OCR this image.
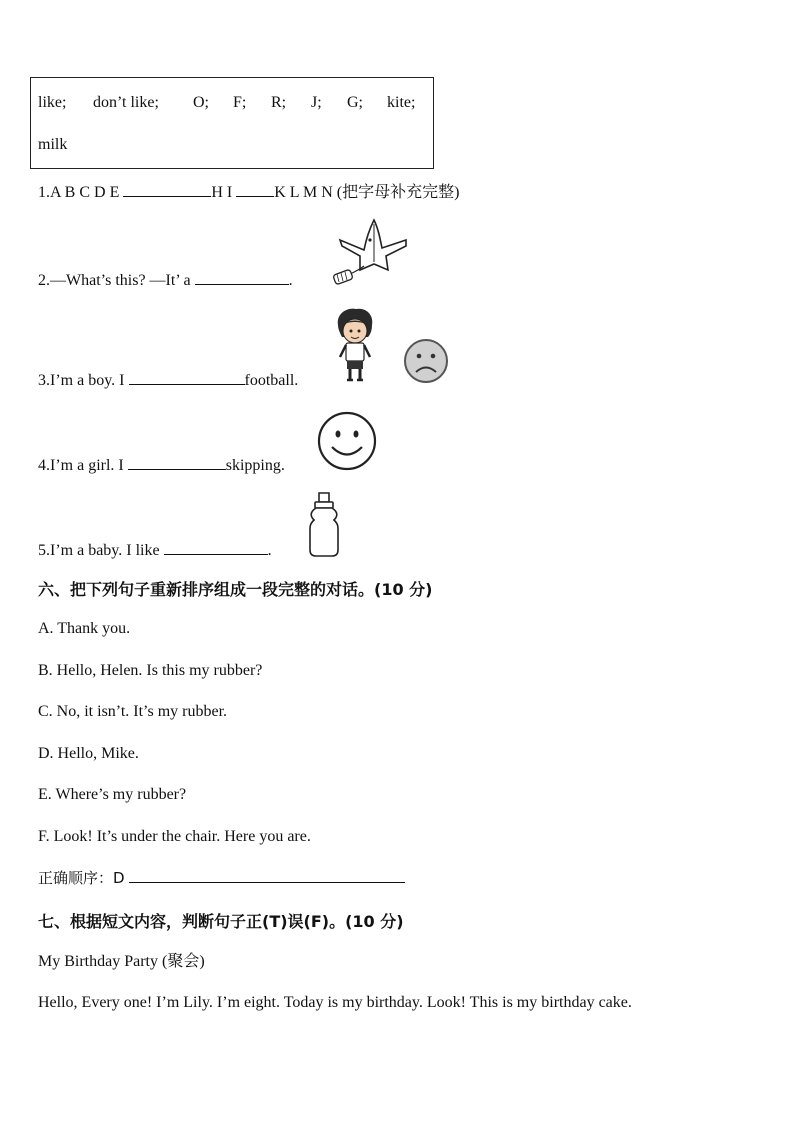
like; don’t like; O; F; R; J; G; kite;
milk
1.A B C D E	H I K L M N (把字母补充完整)
2.—What’s this? —It’ a	.
3.I’m a boy. I	football.
4.I’m a girl. I	skipping.
5.I’m a baby. I like	.
六、把下列句子重新排序组成一段完整的对话。(10 分)
A. Thank you.
B. Hello, Helen. Is this my rubber?
C. No, it isn’t. It’s my rubber.
D. Hello, Mike.
E. Where’s my rubber?
F. Look! It’s under the chair. Here you are.
正确顺序：D
七、根据短文内容，判断句子正(T)误(F)。(10 分)
My Birthday Party (聚会)
Hello, Every one! I’m Lily. I’m eight. Today is my birthday. Look! This is my birthday cake.
